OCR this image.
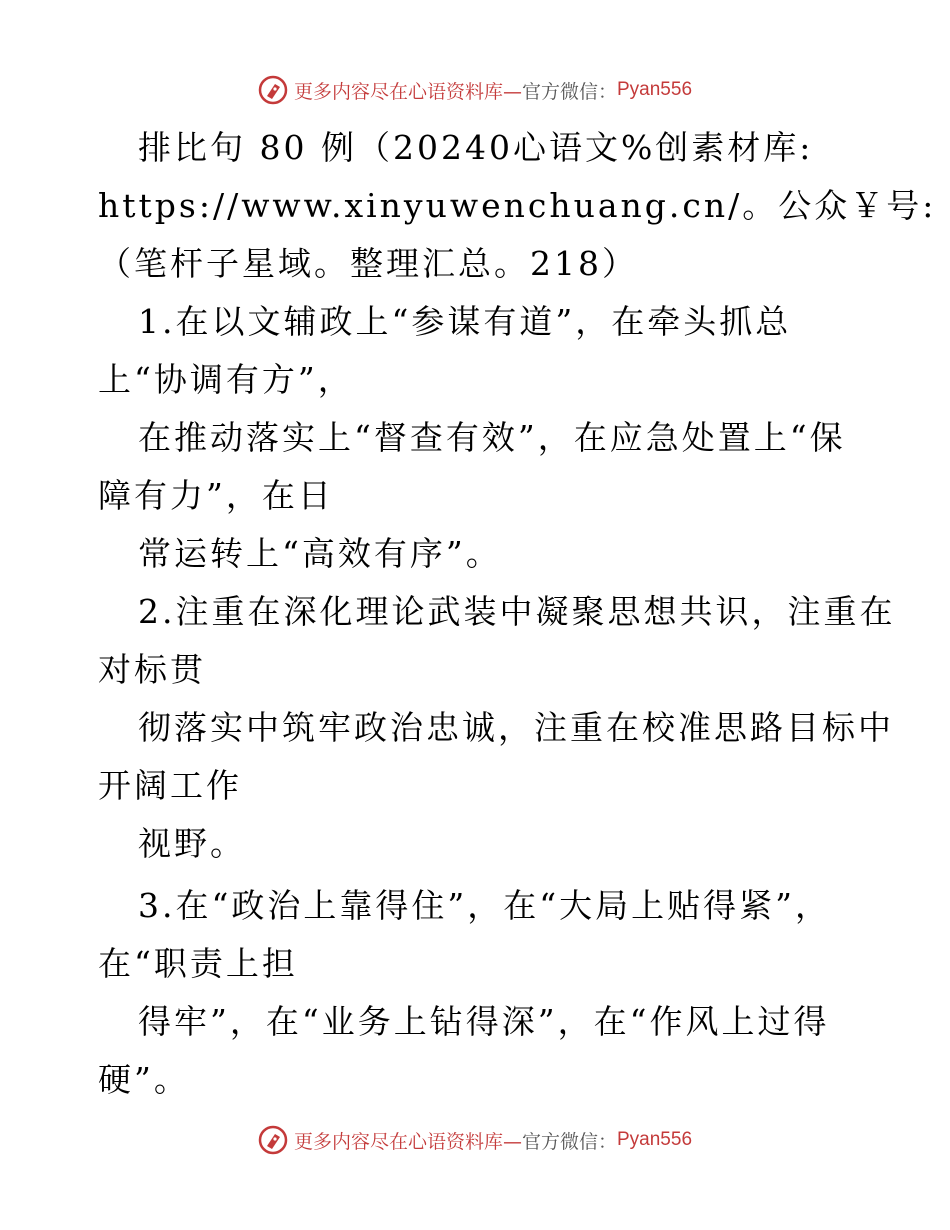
更多内容尽在心语资料库— 官方微信： Pyan556
排比句 80 例（20240心语文%创素材库:
https://www.xinyuwenchuang.cn/。公众￥号:
（笔杆子星域。整理汇总。218）
1.在以文辅政上“参谋有道”，在牵头抓总
上“协调有方”，
在推动落实上“督查有效”，在应急处置上“保
障有力”，在日
常运转上“高效有序”。
2.注重在深化理论武装中凝聚思想共识，注重在
对标贯
彻落实中筑牢政治忠诚，注重在校准思路目标中
开阔工作
视野。
3.在“政治上靠得住”，在“大局上贴得紧”，
在“职责上担
得牢”，在“业务上钻得深”，在“作风上过得
硬”。
更多内容尽在心语资料库— 官方微信： Pyan556
